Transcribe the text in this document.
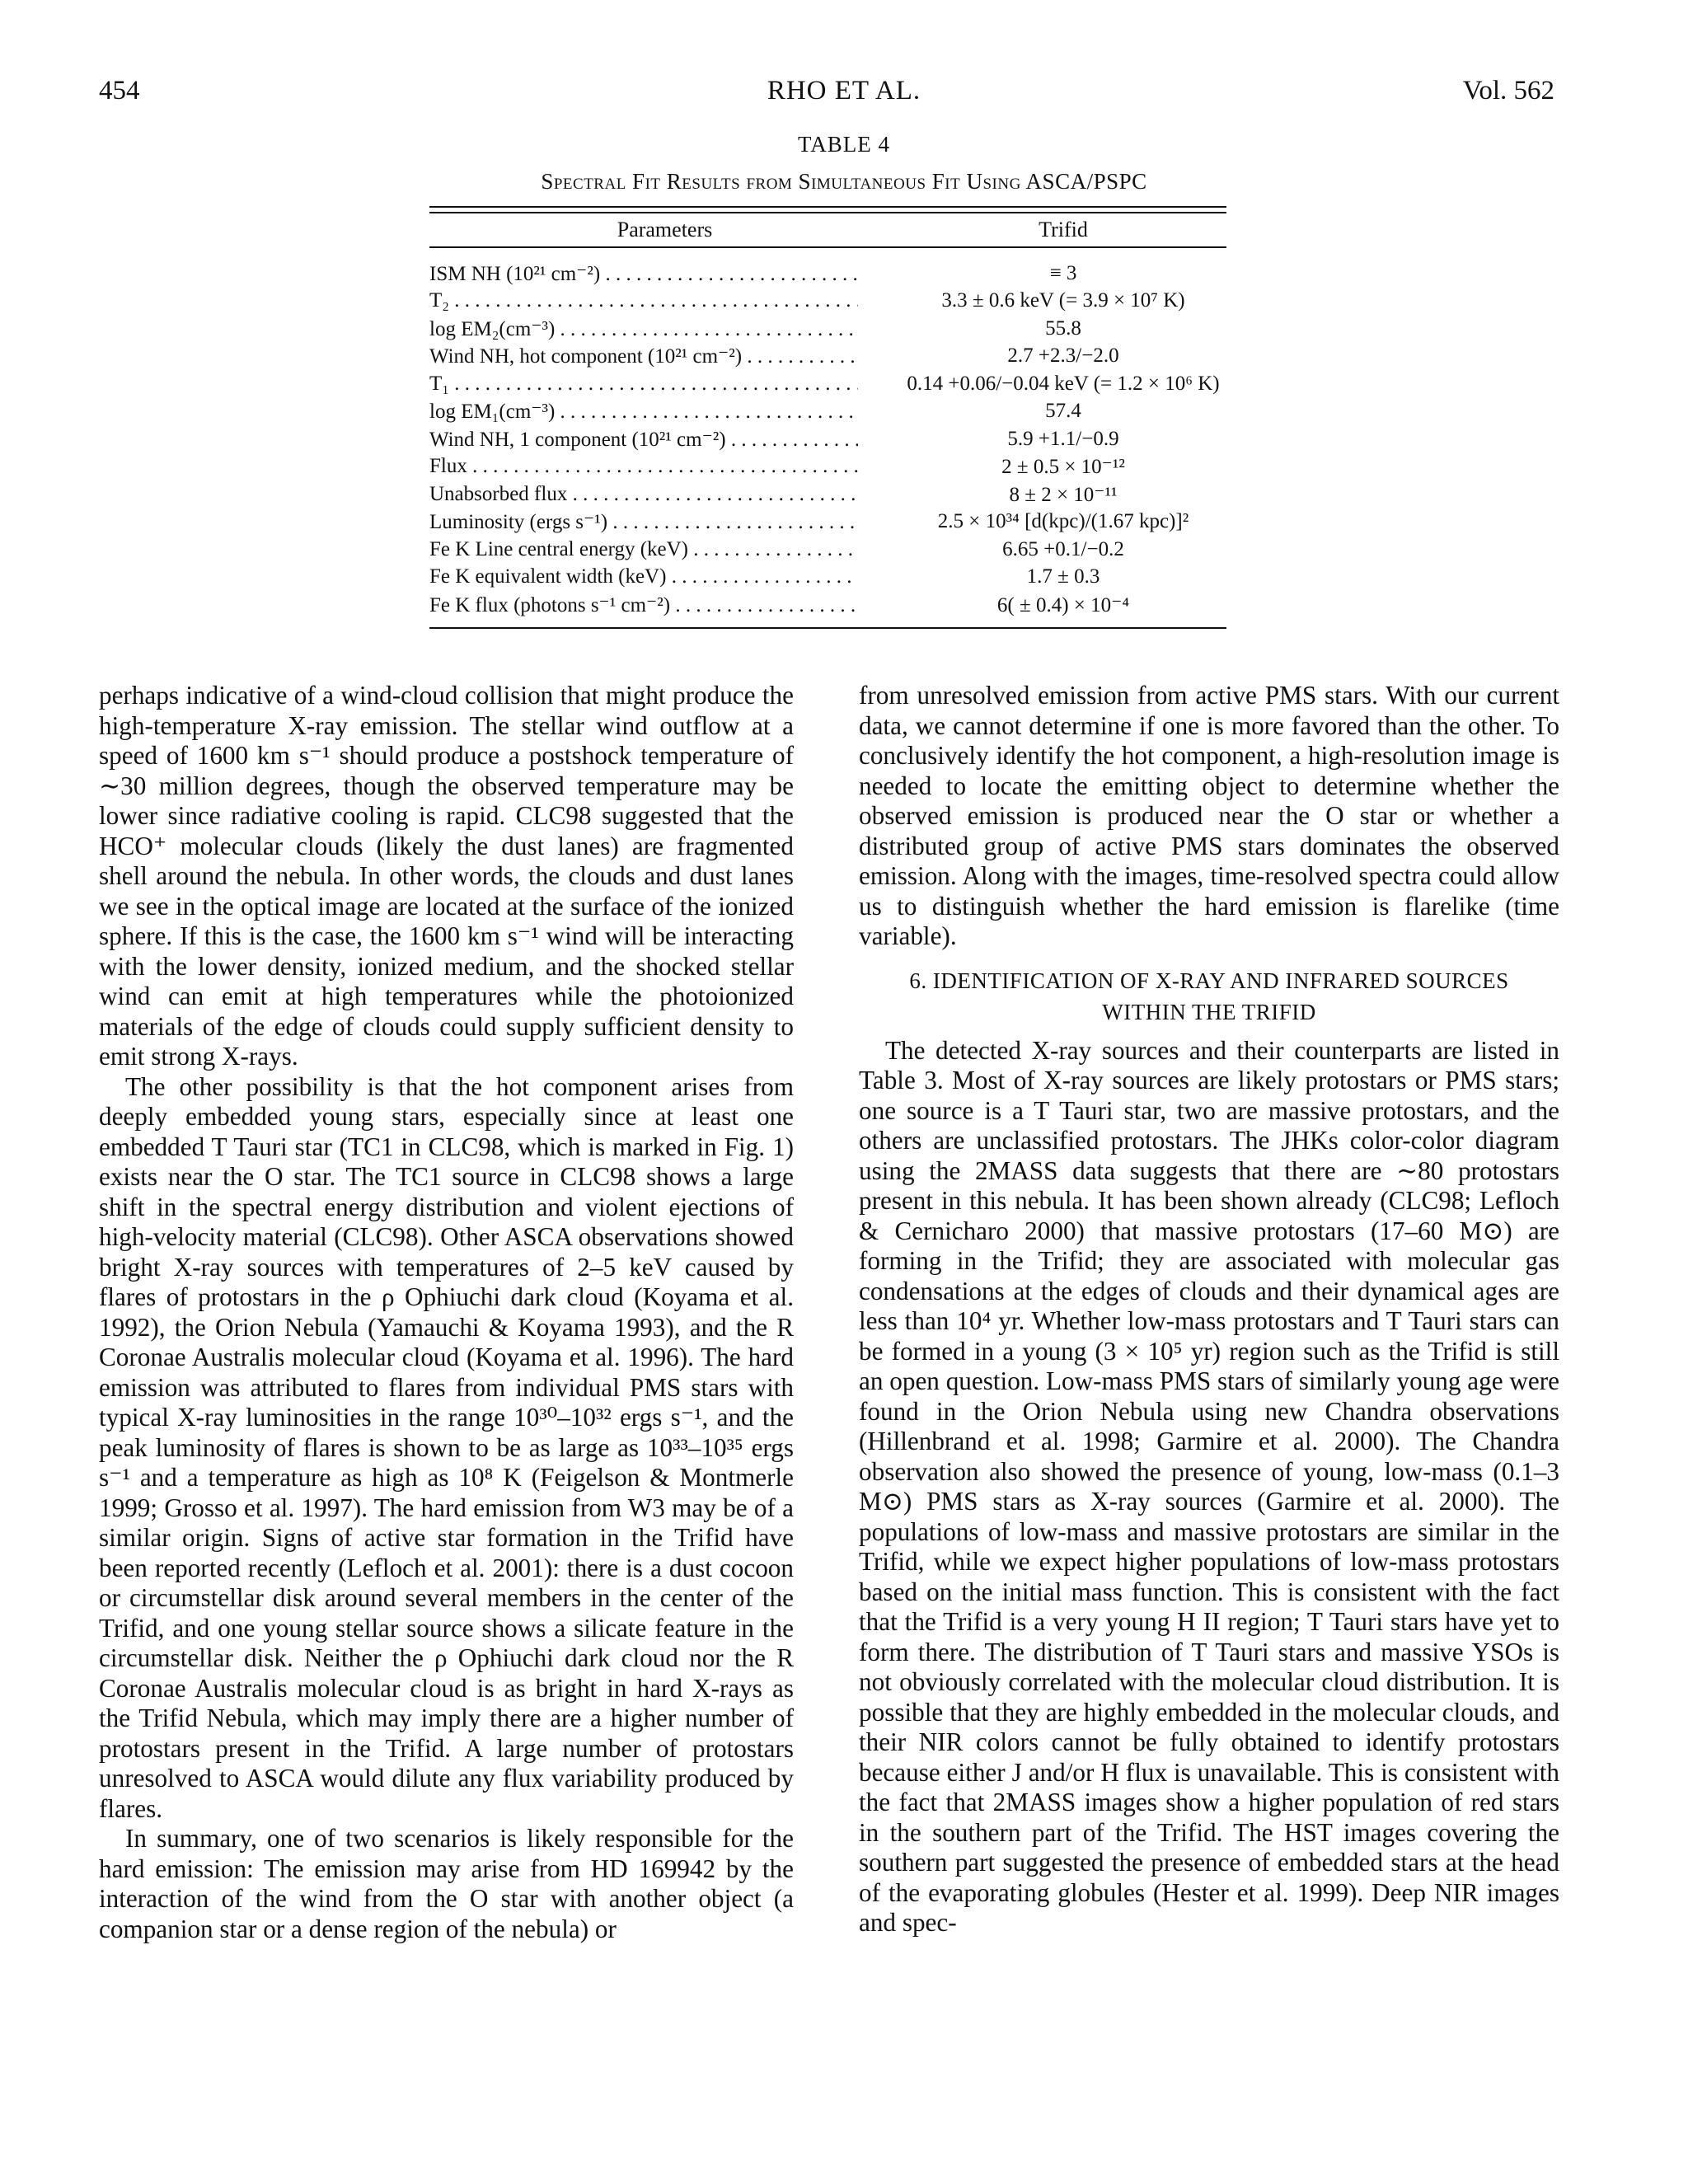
454	RHO ET AL.	Vol. 562
TABLE 4
Spectral Fit Results from Simultaneous Fit Using ASCA/PSPC
Parameters	Trifid
ISM NH (10²¹ cm⁻²) . . .	≡ 3
T₂ . . .	3.3 ± 0.6 keV (= 3.9 × 10⁷ K)
log EM₂(cm⁻³) . . .	55.8
Wind NH, hot component (10²¹ cm⁻²) . . .	2.7 +2.3/−2.0
T₁ . . .	0.14 +0.06/−0.04 keV (= 1.2 × 10⁶ K)
log EM₁(cm⁻³) . . .	57.4
Wind NH, 1 component (10²¹ cm⁻²) . . .	5.9 +1.1/−0.9
Flux . . .	2 ± 0.5 × 10⁻¹²
Unabsorbed flux . . .	8 ± 2 × 10⁻¹¹
Luminosity (ergs s⁻¹) . . .	2.5 × 10³⁴ [d(kpc)/(1.67 kpc)]²
Fe K Line central energy (keV) . . .	6.65 +0.1/−0.2
Fe K equivalent width (keV) . . .	1.7 ± 0.3
Fe K flux (photons s⁻¹ cm⁻²) . . .	6( ± 0.4) × 10⁻⁴

perhaps indicative of a wind-cloud collision that might produce the high-temperature X-ray emission. The stellar wind outflow at a speed of 1600 km s⁻¹ should produce a postshock temperature of ∼30 million degrees, though the observed temperature may be lower since radiative cooling is rapid. CLC98 suggested that the HCO⁺ molecular clouds (likely the dust lanes) are fragmented shell around the nebula. In other words, the clouds and dust lanes we see in the optical image are located at the surface of the ionized sphere. If this is the case, the 1600 km s⁻¹ wind will be interacting with the lower density, ionized medium, and the shocked stellar wind can emit at high temperatures while the photoionized materials of the edge of clouds could supply sufficient density to emit strong X-rays.

The other possibility is that the hot component arises from deeply embedded young stars, especially since at least one embedded T Tauri star (TC1 in CLC98, which is marked in Fig. 1) exists near the O star. The TC1 source in CLC98 shows a large shift in the spectral energy distribution and violent ejections of high-velocity material (CLC98). Other ASCA observations showed bright X-ray sources with temperatures of 2–5 keV caused by flares of protostars in the ρ Ophiuchi dark cloud (Koyama et al. 1992), the Orion Nebula (Yamauchi & Koyama 1993), and the R Coronae Australis molecular cloud (Koyama et al. 1996). The hard emission was attributed to flares from individual PMS stars with typical X-ray luminosities in the range 10³⁰–10³² ergs s⁻¹, and the peak luminosity of flares is shown to be as large as 10³³–10³⁵ ergs s⁻¹ and a temperature as high as 10⁸ K (Feigelson & Montmerle 1999; Grosso et al. 1997). The hard emission from W3 may be of a similar origin. Signs of active star formation in the Trifid have been reported recently (Lefloch et al. 2001): there is a dust cocoon or circumstellar disk around several members in the center of the Trifid, and one young stellar source shows a silicate feature in the circumstellar disk. Neither the ρ Ophiuchi dark cloud nor the R Coronae Australis molecular cloud is as bright in hard X-rays as the Trifid Nebula, which may imply there are a higher number of protostars present in the Trifid. A large number of protostars unresolved to ASCA would dilute any flux variability produced by flares.

In summary, one of two scenarios is likely responsible for the hard emission: The emission may arise from HD 169942 by the interaction of the wind from the O star with another object (a companion star or a dense region of the nebula) or

from unresolved emission from active PMS stars. With our current data, we cannot determine if one is more favored than the other. To conclusively identify the hot component, a high-resolution image is needed to locate the emitting object to determine whether the observed emission is produced near the O star or whether a distributed group of active PMS stars dominates the observed emission. Along with the images, time-resolved spectra could allow us to distinguish whether the hard emission is flarelike (time variable).

6. IDENTIFICATION OF X-RAY AND INFRARED SOURCES
WITHIN THE TRIFID

The detected X-ray sources and their counterparts are listed in Table 3. Most of X-ray sources are likely protostars or PMS stars; one source is a T Tauri star, two are massive protostars, and the others are unclassified protostars. The JHKs color-color diagram using the 2MASS data suggests that there are ∼80 protostars present in this nebula. It has been shown already (CLC98; Lefloch & Cernicharo 2000) that massive protostars (17–60 M⊙) are forming in the Trifid; they are associated with molecular gas condensations at the edges of clouds and their dynamical ages are less than 10⁴ yr. Whether low-mass protostars and T Tauri stars can be formed in a young (3 × 10⁵ yr) region such as the Trifid is still an open question. Low-mass PMS stars of similarly young age were found in the Orion Nebula using new Chandra observations (Hillenbrand et al. 1998; Garmire et al. 2000). The Chandra observation also showed the presence of young, low-mass (0.1–3 M⊙) PMS stars as X-ray sources (Garmire et al. 2000). The populations of low-mass and massive protostars are similar in the Trifid, while we expect higher populations of low-mass protostars based on the initial mass function. This is consistent with the fact that the Trifid is a very young H II region; T Tauri stars have yet to form there. The distribution of T Tauri stars and massive YSOs is not obviously correlated with the molecular cloud distribution. It is possible that they are highly embedded in the molecular clouds, and their NIR colors cannot be fully obtained to identify protostars because either J and/or H flux is unavailable. This is consistent with the fact that 2MASS images show a higher population of red stars in the southern part of the Trifid. The HST images covering the southern part suggested the presence of embedded stars at the head of the evaporating globules (Hester et al. 1999). Deep NIR images and spec-
